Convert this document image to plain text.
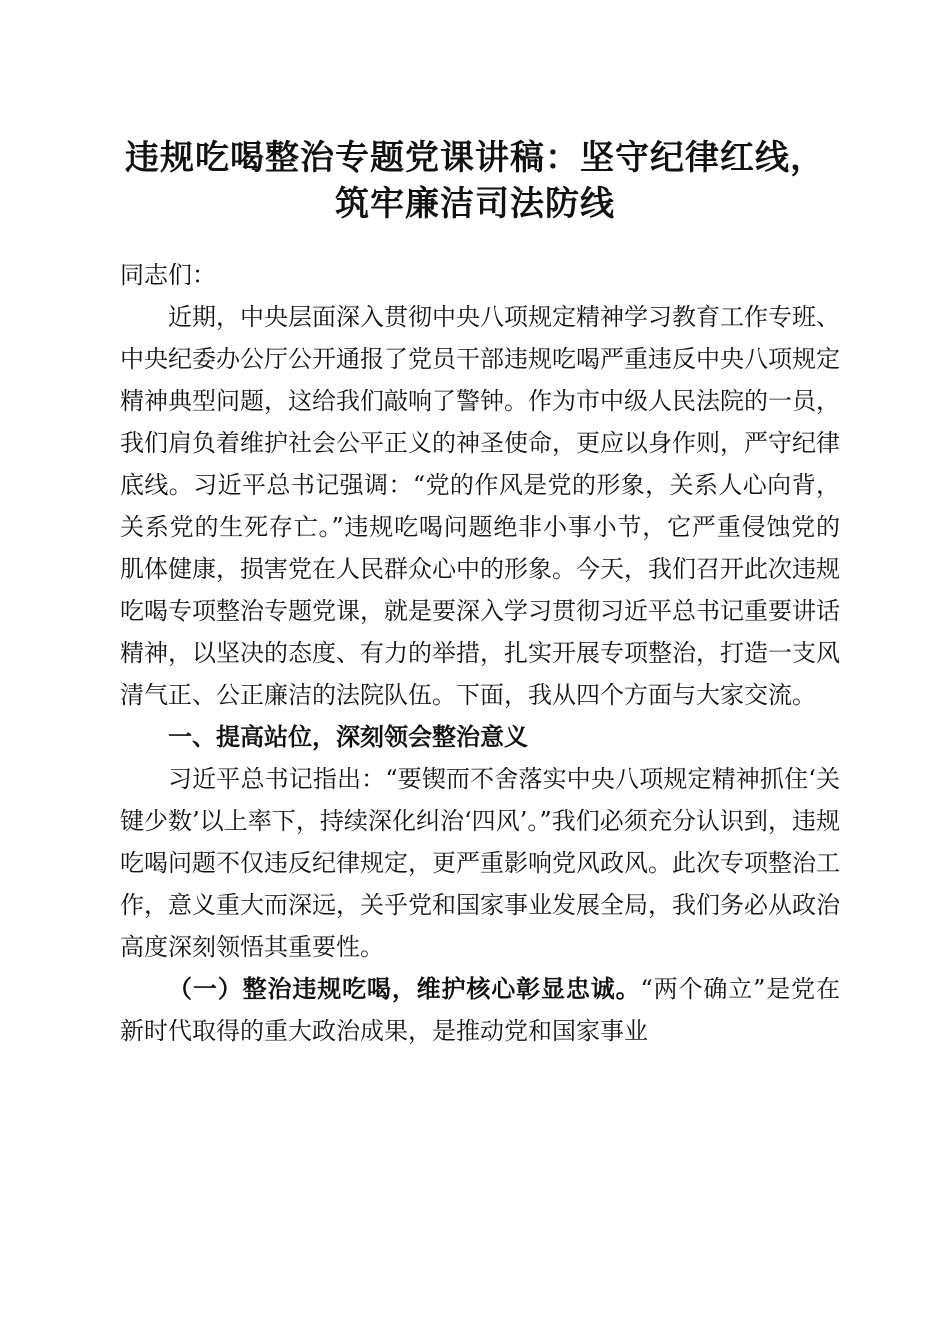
违规吃喝整治专题党课讲稿：坚守纪律红线，
筑牢廉洁司法防线

同志们：

近期，中央层面深入贯彻中央八项规定精神学习教育工作专班、中央纪委办公厅公开通报了党员干部违规吃喝严重违反中央八项规定精神典型问题，这给我们敲响了警钟。作为市中级人民法院的一员，我们肩负着维护社会公平正义的神圣使命，更应以身作则，严守纪律底线。习近平总书记强调：“党的作风是党的形象，关系人心向背，关系党的生死存亡。”违规吃喝问题绝非小事小节，它严重侵蚀党的肌体健康，损害党在人民群众心中的形象。今天，我们召开此次违规吃喝专项整治专题党课，就是要深入学习贯彻习近平总书记重要讲话精神，以坚决的态度、有力的举措，扎实开展专项整治，打造一支风清气正、公正廉洁的法院队伍。下面，我从四个方面与大家交流。

一、提高站位，深刻领会整治意义

习近平总书记指出：“要锲而不舍落实中央八项规定精神抓住‘关键少数’以上率下，持续深化纠治‘四风’。”我们必须充分认识到，违规吃喝问题不仅违反纪律规定，更严重影响党风政风。此次专项整治工作，意义重大而深远，关乎党和国家事业发展全局，我们务必从政治高度深刻领悟其重要性。

（一）整治违规吃喝，维护核心彰显忠诚。“两个确立”是党在新时代取得的重大政治成果，是推动党和国家事业
